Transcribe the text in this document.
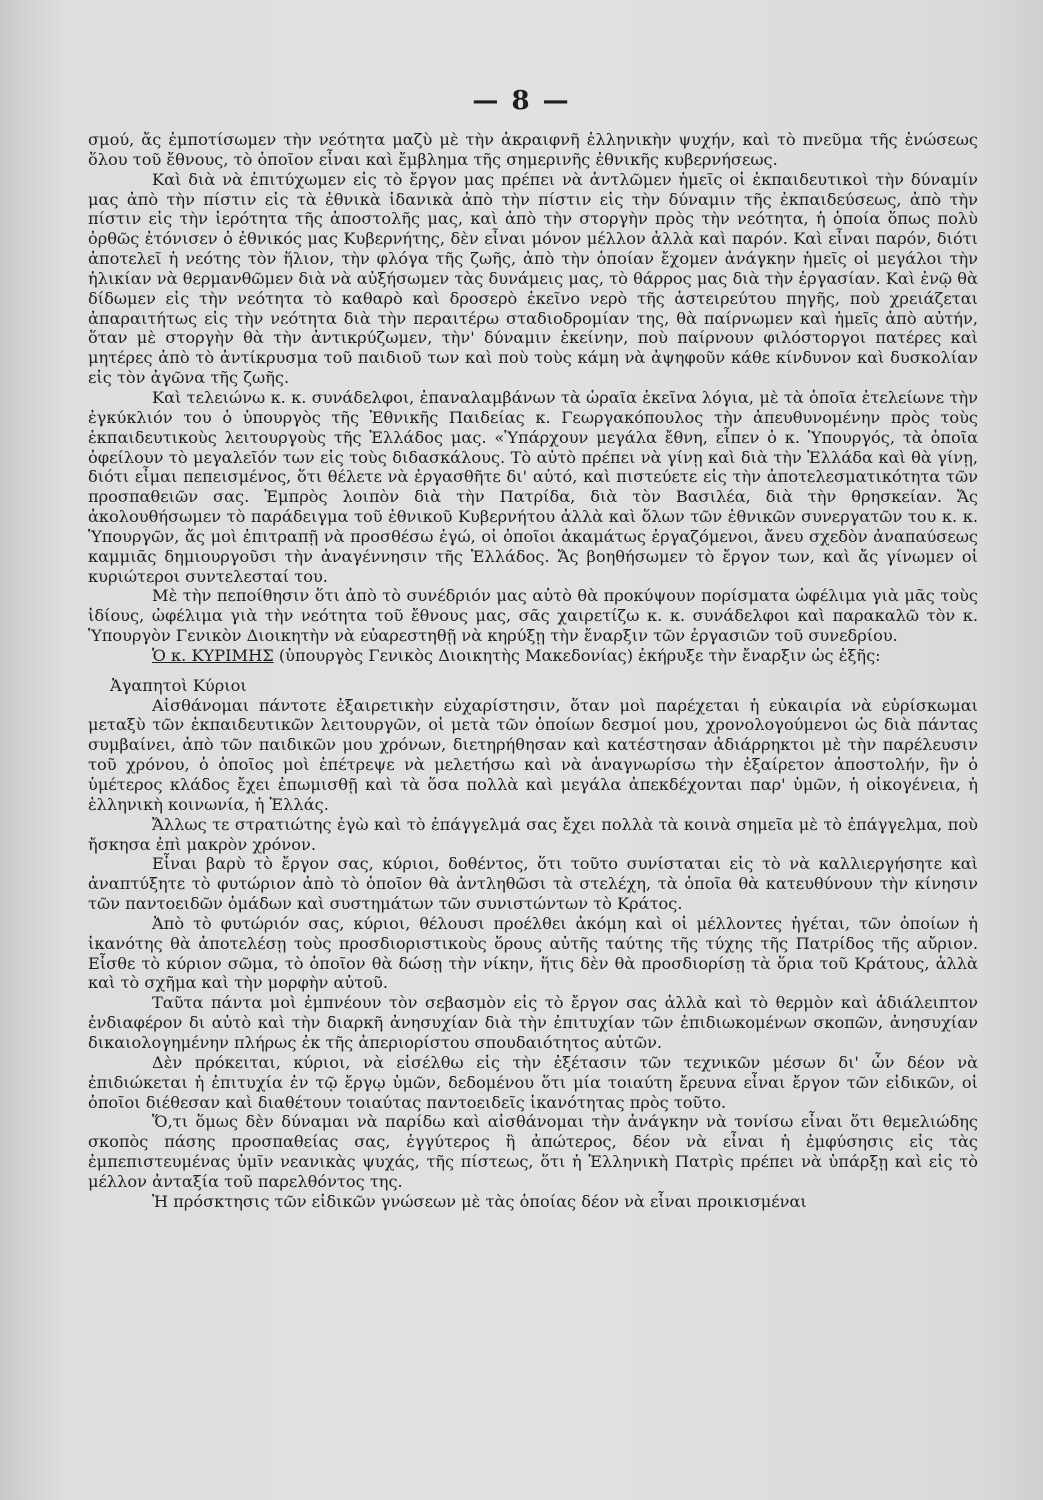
— 8 —

σμού, ἄς ἐμποτίσωμεν τὴν νεότητα μαζὺ μὲ τὴν ἀκραιφνῆ ἑλληνικὴν ψυχήν, καὶ τὸ πνεῦμα τῆς ἑνώσεως ὅλου τοῦ ἔθνους, τὸ ὁποῖον εἶναι καὶ ἔμβλημα τῆς σημερινῆς ἐθνικῆς κυβερνήσεως.

Καὶ διὰ νὰ ἐπιτύχωμεν εἰς τὸ ἔργον μας πρέπει νὰ ἀντλῶμεν ἡμεῖς οἱ ἐκπαιδευτικοὶ τὴν δύναμίν μας ἀπὸ τὴν πίστιν εἰς τὰ ἐθνικὰ ἰδανικὰ ἀπὸ τὴν πίστιν εἰς τὴν δύναμιν τῆς ἐκπαιδεύσεως, ἀπὸ τὴν πίστιν εἰς τὴν ἱερότητα τῆς ἀποστολῆς μας, καὶ ἀπὸ τὴν στοργὴν πρὸς τὴν νεότητα, ἡ ὁποία ὅπως πολὺ ὀρθῶς ἐτόνισεν ὁ ἐθνικός μας Κυβερνήτης, δὲν εἶναι μόνον μέλλον ἀλλὰ καὶ παρόν. Καὶ εἶναι παρόν, διότι ἀποτελεῖ ἡ νεότης τὸν ἥλιον, τὴν φλόγα τῆς ζωῆς, ἀπὸ τὴν ὁποίαν ἔχομεν ἀνάγκην ἡμεῖς οἱ μεγάλοι τὴν ἡλικίαν νὰ θερμανθῶμεν διὰ νὰ αὐξήσωμεν τὰς δυνάμεις μας, τὸ θάρρος μας διὰ τὴν ἐργασίαν. Καὶ ἐνῷ θὰ δίδωμεν εἰς τὴν νεότητα τὸ καθαρὸ καὶ δροσερὸ ἐκεῖνο νερὸ τῆς ἀστειρεύτου πηγῆς, ποὺ χρειάζεται ἀπαραιτήτως εἰς τὴν νεότητα διὰ τὴν περαιτέρω σταδιοδρομίαν της, θὰ παίρνωμεν καὶ ἡμεῖς ἀπὸ αὐτήν, ὅταν μὲ στοργὴν θὰ τὴν ἀντικρύζωμεν, τὴν' δύναμιν ἐκείνην, ποὺ παίρνουν φιλόστοργοι πατέρες καὶ μητέρες ἀπὸ τὸ ἀντίκρυσμα τοῦ παιδιοῦ των καὶ ποὺ τοὺς κάμη νὰ ἀψηφοῦν κάθε κίνδυνον καὶ δυσκολίαν εἰς τὸν ἀγῶνα τῆς ζωῆς.

Καὶ τελειώνω κ. κ. συνάδελφοι, ἐπαναλαμβάνων τὰ ὡραῖα ἐκεῖνα λόγια, μὲ τὰ ὁποῖα ἐτελείωνε τὴν ἐγκύκλιόν του ὁ ὑπουργὸς τῆς Ἐθνικῆς Παιδείας κ. Γεωργακόπουλος τὴν ἀπευθυνομένην πρὸς τοὺς ἐκπαιδευτικοὺς λειτουργοὺς τῆς Ἑλλάδος μας. «Ὑπάρχουν μεγάλα ἔθνη, εἶπεν ὁ κ. Ὑπουργός, τὰ ὁποῖα ὀφείλουν τὸ μεγαλεῖόν των εἰς τοὺς διδασκάλους. Τὸ αὐτὸ πρέπει νὰ γίνῃ καὶ διὰ τὴν Ἑλλάδα καὶ θὰ γίνῃ, διότι εἶμαι πεπεισμένος, ὅτι θέλετε νὰ ἐργασθῆτε δι' αὐτό, καὶ πιστεύετε εἰς τὴν ἀποτελεσματικότητα τῶν προσπαθειῶν σας. Ἐμπρὸς λοιπὸν διὰ τὴν Πατρίδα, διὰ τὸν Βασιλέα, διὰ τὴν θρησκείαν. Ἄς ἀκολουθήσωμεν τὸ παράδειγμα τοῦ ἐθνικοῦ Κυβερνήτου ἀλλὰ καὶ ὅλων τῶν ἐθνικῶν συνεργατῶν του κ. κ. Ὑπουργῶν, ἄς μοὶ ἐπιτραπῇ νὰ προσθέσω ἐγώ, οἱ ὁποῖοι ἀκαμάτως ἐργαζόμενοι, ἄνευ σχεδὸν ἀναπαύσεως καμμιᾶς δημιουργοῦσι τὴν ἀναγέννησιν τῆς Ἑλλάδος. Ἄς βοηθήσωμεν τὸ ἔργον των, καὶ ἄς γίνωμεν οἱ κυριώτεροι συντελεσταί του.

Μὲ τὴν πεποίθησιν ὅτι ἀπὸ τὸ συνέδριόν μας αὐτὸ θὰ προκύψουν πορίσματα ὠφέλιμα γιὰ μᾶς τοὺς ἰδίους, ὠφέλιμα γιὰ τὴν νεότητα τοῦ ἔθνους μας, σᾶς χαιρετίζω κ. κ. συνάδελφοι καὶ παρακαλῶ τὸν κ. Ὑπουργὸν Γενικὸν Διοικητὴν νὰ εὐαρεστηθῇ νὰ κηρύξῃ τὴν ἔναρξιν τῶν ἐργασιῶν τοῦ συνεδρίου.

Ὁ κ. ΚΥΡΙΜΗΣ (ὑπουργὸς Γενικὸς Διοικητὴς Μακεδονίας) ἐκήρυξε τὴν ἔναρξιν ὡς ἑξῆς:

Ἀγαπητοὶ Κύριοι

Αἰσθάνομαι πάντοτε ἐξαιρετικὴν εὐχαρίστησιν, ὅταν μοὶ παρέχεται ἡ εὐκαιρία νὰ εὑρίσκωμαι μεταξὺ τῶν ἐκπαιδευτικῶν λειτουργῶν, οἱ μετὰ τῶν ὁποίων δεσμοί μου, χρονολογούμενοι ὡς διὰ πάντας συμβαίνει, ἀπὸ τῶν παιδικῶν μου χρόνων, διετηρήθησαν καὶ κατέστησαν ἀδιάρρηκτοι μὲ τὴν παρέλευσιν τοῦ χρόνου, ὁ ὁποῖος μοὶ ἐπέτρεψε νὰ μελετήσω καὶ νὰ ἀναγνωρίσω τὴν ἐξαίρετον ἀποστολήν, ἣν ὁ ὑμέτερος κλάδος ἔχει ἐπωμισθῇ καὶ τὰ ὅσα πολλὰ καὶ μεγάλα ἀπεκδέχονται παρ' ὑμῶν, ἡ οἰκογένεια, ἡ ἑλληνικὴ κοινωνία, ἡ Ἑλλάς.

Ἄλλως τε στρατιώτης ἐγὼ καὶ τὸ ἐπάγγελμά σας ἔχει πολλὰ τὰ κοινὰ σημεῖα μὲ τὸ ἐπάγγελμα, ποὺ ἤσκησα ἐπὶ μακρὸν χρόνον.

Εἶναι βαρὺ τὸ ἔργον σας, κύριοι, δοθέντος, ὅτι τοῦτο συνίσταται εἰς τὸ νὰ καλλιεργήσητε καὶ ἀναπτύξητε τὸ φυτώριον ἀπὸ τὸ ὁποῖον θὰ ἀντληθῶσι τὰ στελέχη, τὰ ὁποῖα θὰ κατευθύνουν τὴν κίνησιν τῶν παντοειδῶν ὁμάδων καὶ συστημάτων τῶν συνιστώντων τὸ Κράτος.

Ἀπὸ τὸ φυτώριόν σας, κύριοι, θέλουσι προέλθει ἀκόμη καὶ οἱ μέλλοντες ἡγέται, τῶν ὁποίων ἡ ἱκανότης θὰ ἀποτελέσῃ τοὺς προσδιοριστικοὺς ὅρους αὐτῆς ταύτης τῆς τύχης τῆς Πατρίδος τῆς αὔριον. Εἶσθε τὸ κύριον σῶμα, τὸ ὁποῖον θὰ δώσῃ τὴν νίκην, ἥτις δὲν θὰ προσδιορίσῃ τὰ ὅρια τοῦ Κράτους, ἀλλὰ καὶ τὸ σχῆμα καὶ τὴν μορφὴν αὐτοῦ.

Ταῦτα πάντα μοὶ ἐμπνέουν τὸν σεβασμὸν εἰς τὸ ἔργον σας ἀλλὰ καὶ τὸ θερμὸν καὶ ἀδιάλειπτον ἐνδιαφέρον δι αὐτὸ καὶ τὴν διαρκῆ ἀνησυχίαν διὰ τὴν ἐπιτυχίαν τῶν ἐπιδιωκομένων σκοπῶν, ἀνησυχίαν δικαιολογημένην πλήρως ἐκ τῆς ἀπεριορίστου σπουδαιότητος αὐτῶν.

Δὲν πρόκειται, κύριοι, νὰ εἰσέλθω εἰς τὴν ἐξέτασιν τῶν τεχνικῶν μέσων δι' ὧν δέον νὰ ἐπιδιώκεται ἡ ἐπιτυχία ἐν τῷ ἔργῳ ὑμῶν, δεδομένου ὅτι μία τοιαύτη ἔρευνα εἶναι ἔργον τῶν εἰδικῶν, οἱ ὁποῖοι διέθεσαν καὶ διαθέτουν τοιαύτας παντοειδεῖς ἱκανότητας πρὸς τοῦτο.

Ὅ,τι ὅμως δὲν δύναμαι νὰ παρίδω καὶ αἰσθάνομαι τὴν ἀνάγκην νὰ τονίσω εἶναι ὅτι θεμελιώδης σκοπὸς πάσης προσπαθείας σας, ἐγγύτερος ἢ ἀπώτερος, δέον νὰ εἶναι ἡ ἐμφύσησις εἰς τὰς ἐμπεπιστευμένας ὑμῖν νεανικὰς ψυχάς, τῆς πίστεως, ὅτι ἡ Ἑλληνικὴ Πατρὶς πρέπει νὰ ὑπάρξῃ καὶ εἰς τὸ μέλλον ἀνταξία τοῦ παρελθόντος της.

Ἡ πρόσκτησις τῶν εἰδικῶν γνώσεων μὲ τὰς ὁποίας δέον νὰ εἶναι προικισμέναι
